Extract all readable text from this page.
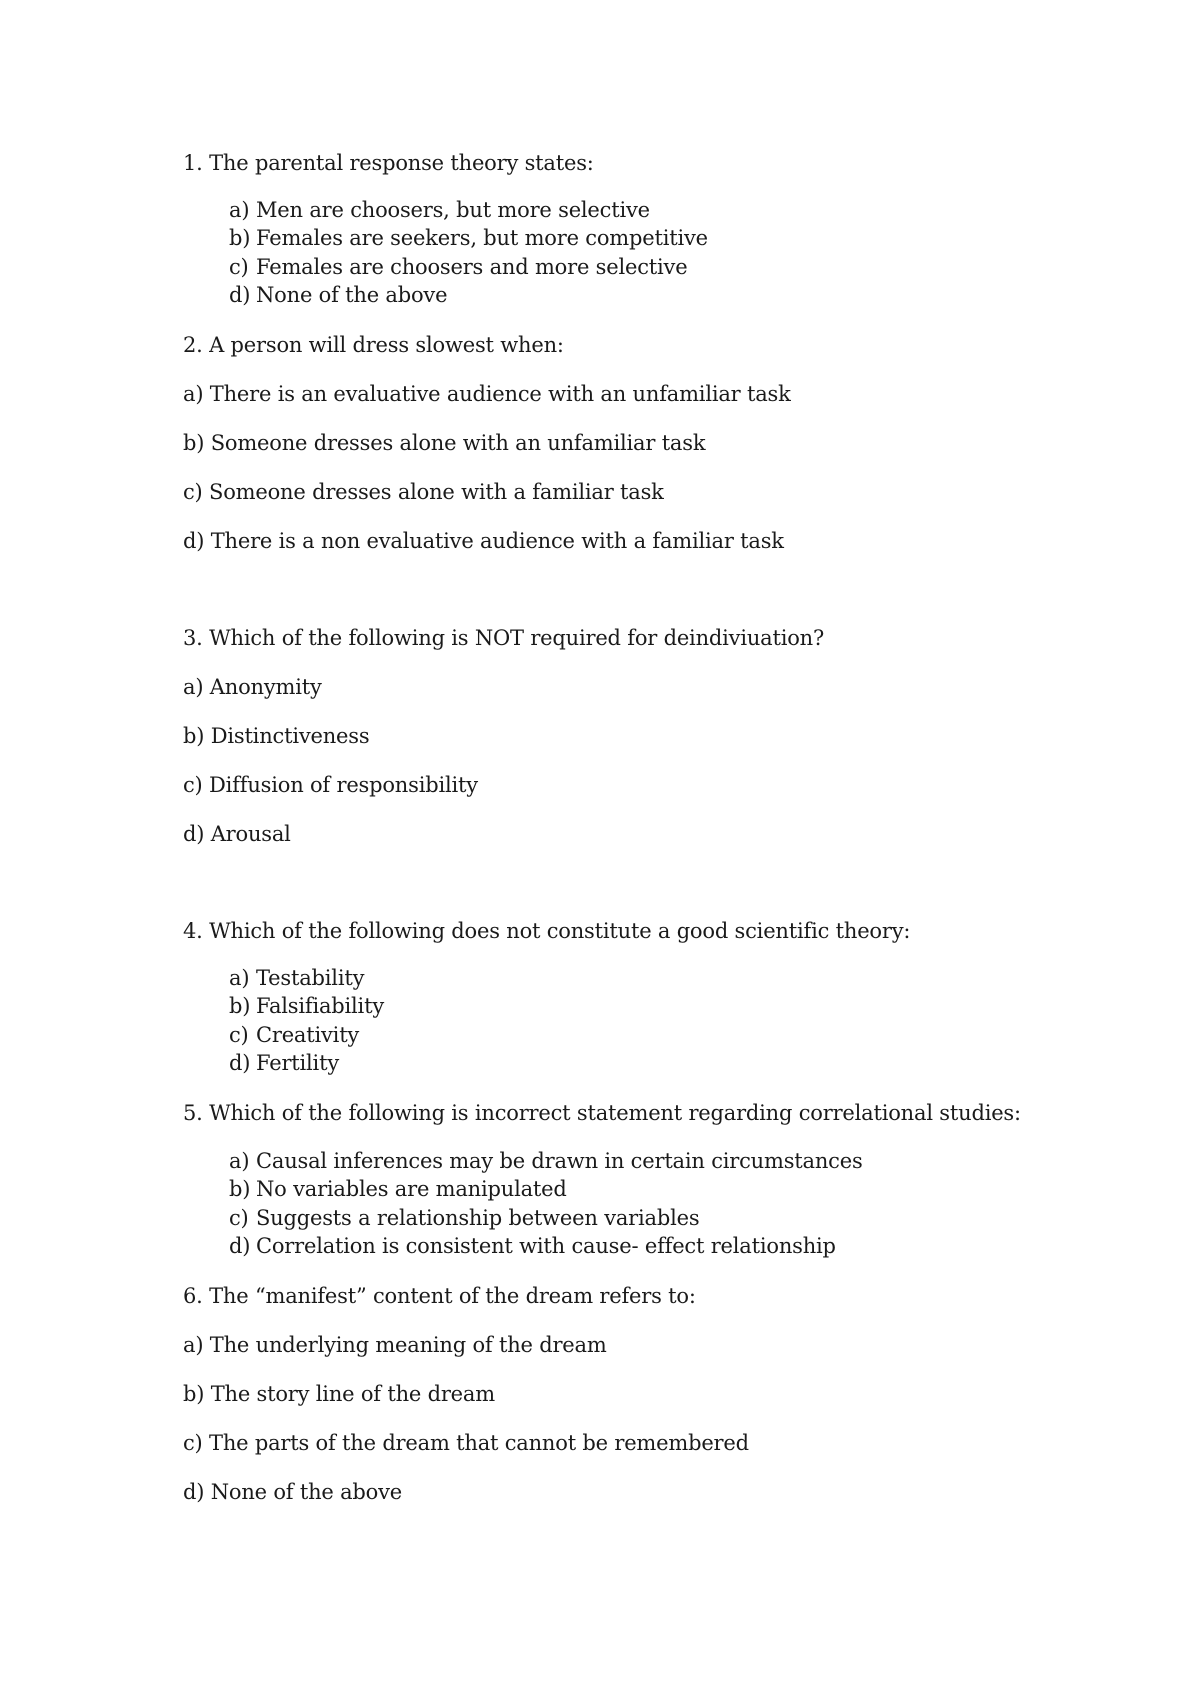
1. The parental response theory states:
a) Men are choosers, but more selective
b) Females are seekers, but more competitive
c) Females are choosers and more selective
d) None of the above
2. A person will dress slowest when:
a) There is an evaluative audience with an unfamiliar task
b) Someone dresses alone with an unfamiliar task
c) Someone dresses alone with a familiar task
d) There is a non evaluative audience with a familiar task
3. Which of the following is NOT required for deindiviuation?
a) Anonymity
b) Distinctiveness
c) Diffusion of responsibility
d) Arousal
4. Which of the following does not constitute a good scientific theory:
a) Testability
b) Falsifiability
c) Creativity
d) Fertility
5. Which of the following is incorrect statement regarding correlational studies:
a) Causal inferences may be drawn in certain circumstances
b) No variables are manipulated
c) Suggests a relationship between variables
d) Correlation is consistent with cause- effect relationship
6. The “manifest” content of the dream refers to:
a) The underlying meaning of the dream
b) The story line of the dream
c) The parts of the dream that cannot be remembered
d) None of the above
